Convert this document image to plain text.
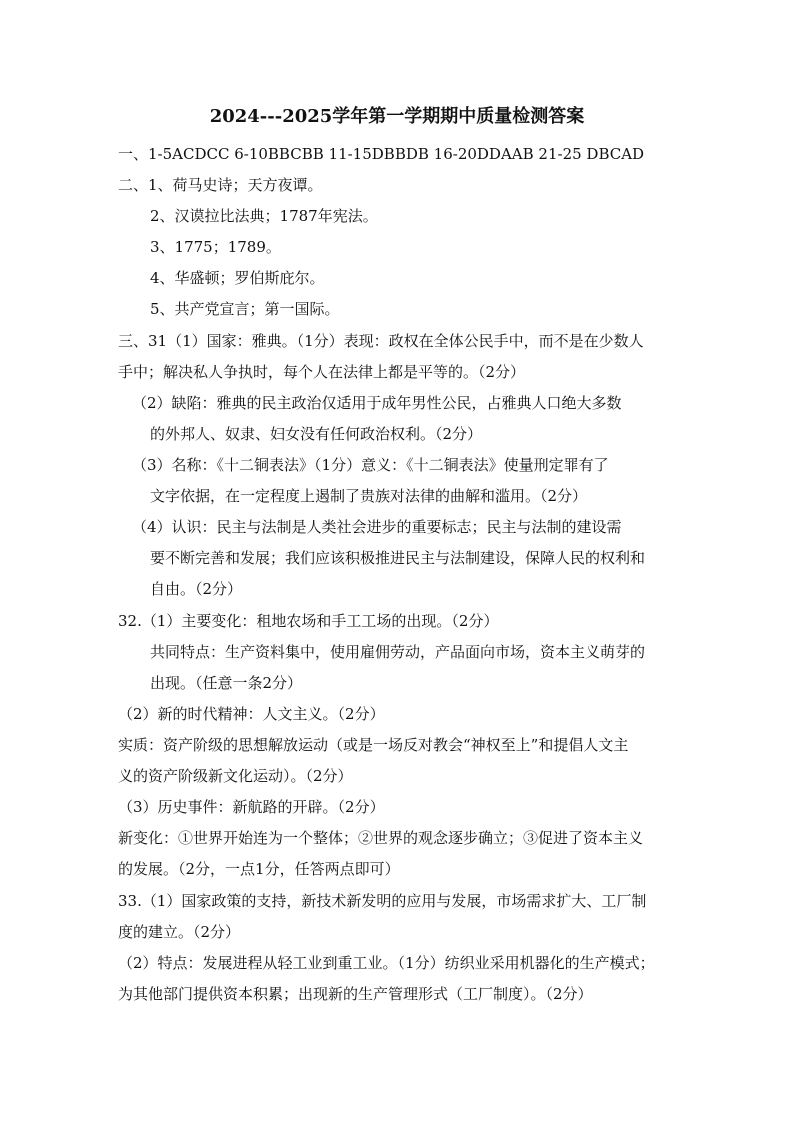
2024---2025学年第一学期期中质量检测答案
一、1-5ACDCC 6-10BBCBB 11-15DBBDB 16-20DDAAB 21-25 DBCAD
二、1、荷马史诗；天方夜谭。
2、汉谟拉比法典；1787年宪法。
3、1775；1789。
4、华盛顿；罗伯斯庇尔。
5、共产党宣言；第一国际。
三、31（1）国家：雅典。（1分）表现：政权在全体公民手中，而不是在少数人
手中；解决私人争执时，每个人在法律上都是平等的。（2分）
（2）缺陷：雅典的民主政治仅适用于成年男性公民，占雅典人口绝大多数
的外邦人、奴隶、妇女没有任何政治权利。（2分）
（3）名称：《十二铜表法》（1分）意义：《十二铜表法》使量刑定罪有了
文字依据，在一定程度上遏制了贵族对法律的曲解和滥用。（2分）
（4）认识：民主与法制是人类社会进步的重要标志；民主与法制的建设需
要不断完善和发展；我们应该积极推进民主与法制建设，保障人民的权利和
自由。（2分）
32.（1）主要变化：租地农场和手工工场的出现。（2分）
共同特点：生产资料集中，使用雇佣劳动，产品面向市场，资本主义萌芽的
出现。（任意一条2分）
（2）新的时代精神：人文主义。（2分）
实质：资产阶级的思想解放运动（或是一场反对教会“神权至上”和提倡人文主
义的资产阶级新文化运动）。（2分）
（3）历史事件：新航路的开辟。（2分）
新变化：①世界开始连为一个整体；②世界的观念逐步确立；③促进了资本主义
的发展。（2分，一点1分，任答两点即可）
33.（1）国家政策的支持，新技术新发明的应用与发展，市场需求扩大、工厂制
度的建立。（2分）
（2）特点：发展进程从轻工业到重工业。（1分）纺织业采用机器化的生产模式；
为其他部门提供资本积累；出现新的生产管理形式（工厂制度）。（2分）
